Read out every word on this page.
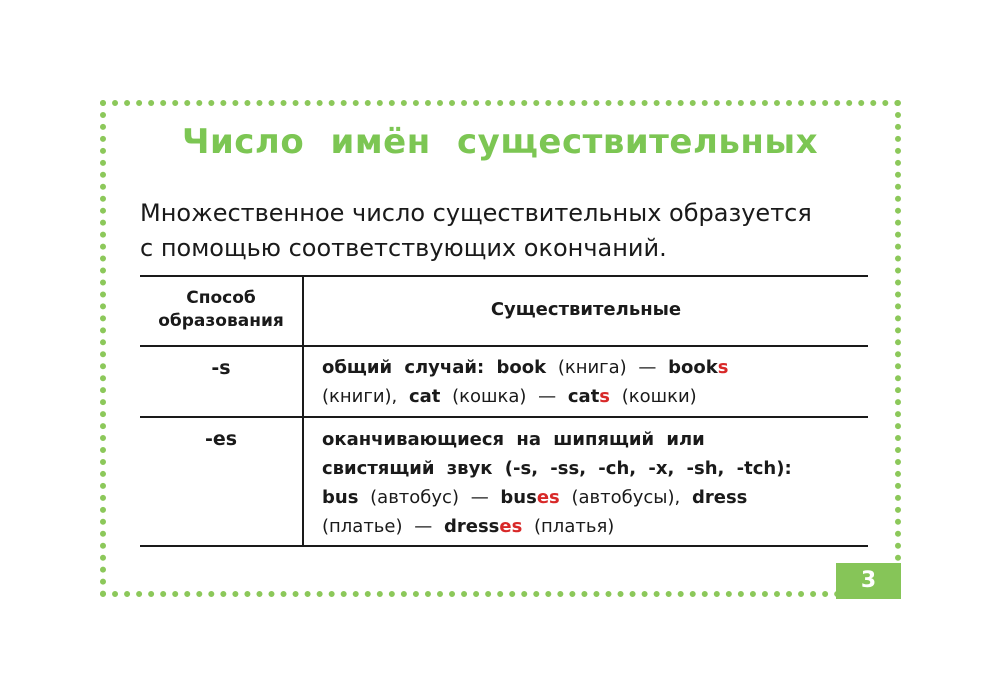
Число имён существительных
Множественное число существительных образуется
с помощью соответствующих окончаний.
Способ
образования
Существительные
-s	общий случай: book (книга) — books
(книги), cat (кошка) — cats (кошки)
-es	оканчивающиеся на шипящий или
свистящий звук (-s, -ss, -ch, -x, -sh, -tch):
bus (автобус) — buses (автобусы), dress
(платье) — dresses (платья)
3
